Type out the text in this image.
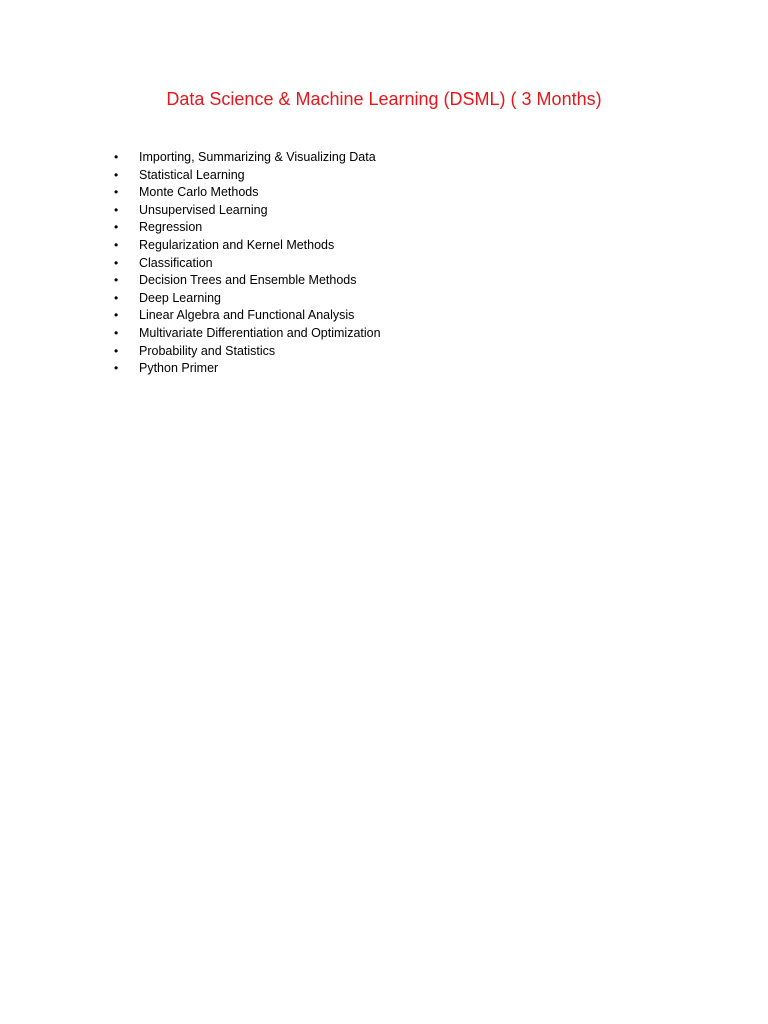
Data Science & Machine Learning (DSML) ( 3 Months)
•	Importing, Summarizing & Visualizing Data
•	Statistical Learning
•	Monte Carlo Methods
•	Unsupervised Learning
•	Regression
•	Regularization and Kernel Methods
•	Classification
•	Decision Trees and Ensemble Methods
•	Deep Learning
•	Linear Algebra and Functional Analysis
•	Multivariate Differentiation and Optimization
•	Probability and Statistics
•	Python Primer
